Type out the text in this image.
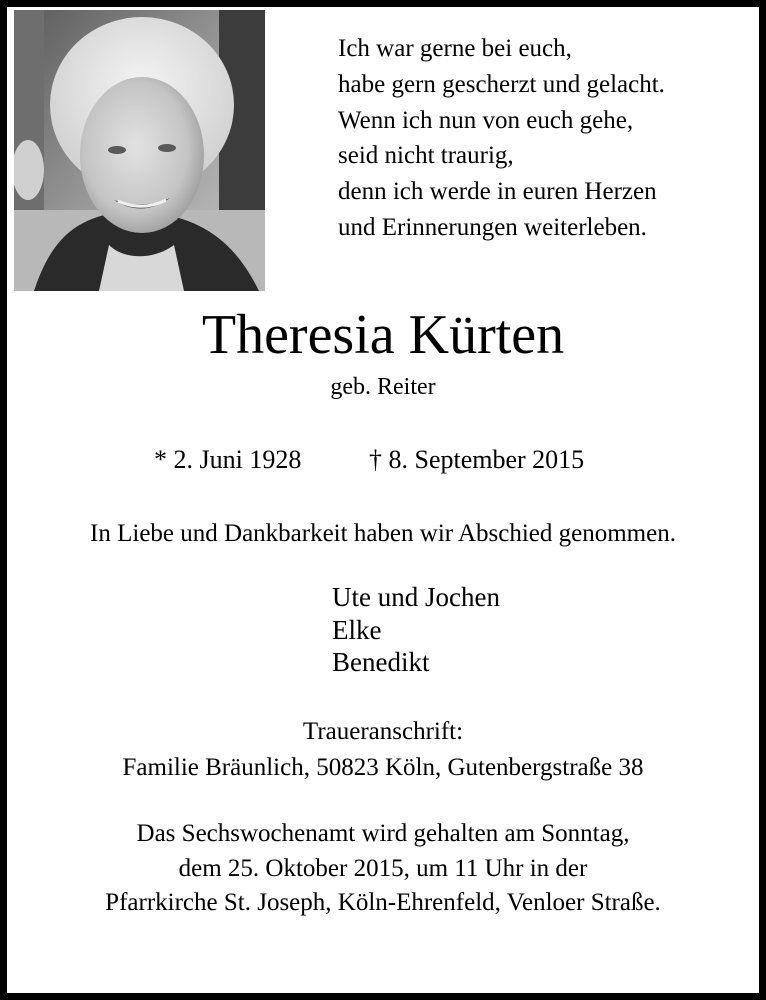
Ich war gerne bei euch,
habe gern gescherzt und gelacht.
Wenn ich nun von euch gehe,
seid nicht traurig,
denn ich werde in euren Herzen
und Erinnerungen weiterleben.
Theresia Kürten
geb. Reiter
* 2. Juni 1928	† 8. September 2015
In Liebe und Dankbarkeit haben wir Abschied genommen.
Ute und Jochen
Elke
Benedikt
Traueranschrift:
Familie Bräunlich, 50823 Köln, Gutenbergstraße 38
Das Sechswochenamt wird gehalten am Sonntag,
dem 25. Oktober 2015, um 11 Uhr in der
Pfarrkirche St. Joseph, Köln-Ehrenfeld, Venloer Straße.
